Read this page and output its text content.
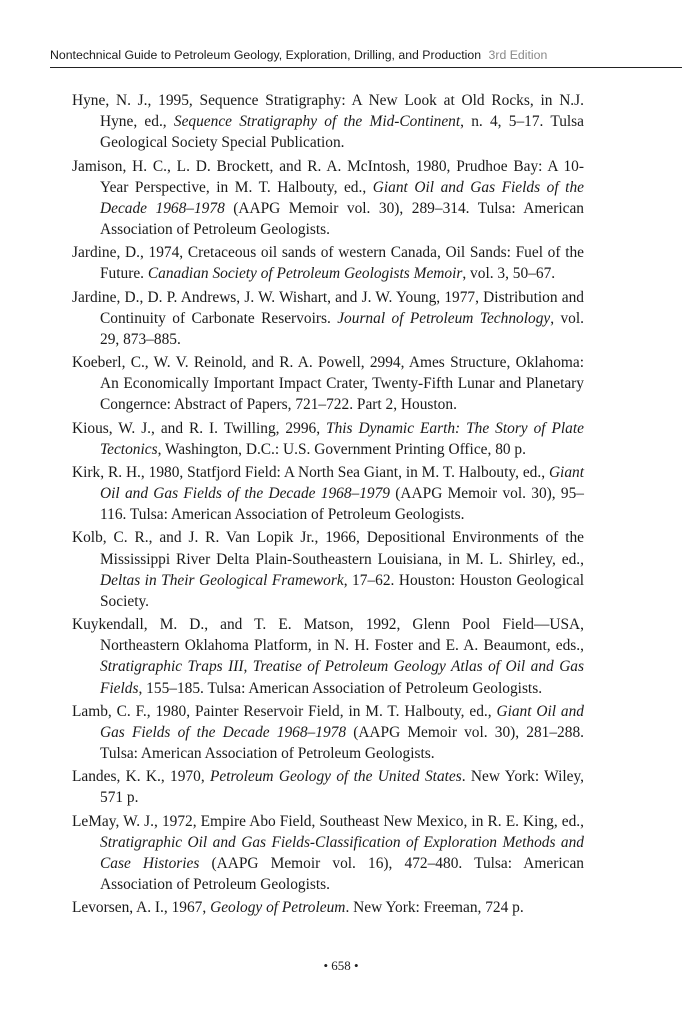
Nontechnical Guide to Petroleum Geology, Exploration, Drilling, and Production 3rd Edition
Hyne, N. J., 1995, Sequence Stratigraphy: A New Look at Old Rocks, in N.J. Hyne, ed., Sequence Stratigraphy of the Mid-Continent, n. 4, 5–17. Tulsa Geological Society Special Publication.
Jamison, H. C., L. D. Brockett, and R. A. McIntosh, 1980, Prudhoe Bay: A 10-Year Perspective, in M. T. Halbouty, ed., Giant Oil and Gas Fields of the Decade 1968–1978 (AAPG Memoir vol. 30), 289–314. Tulsa: American Association of Petroleum Geologists.
Jardine, D., 1974, Cretaceous oil sands of western Canada, Oil Sands: Fuel of the Future. Canadian Society of Petroleum Geologists Memoir, vol. 3, 50–67.
Jardine, D., D. P. Andrews, J. W. Wishart, and J. W. Young, 1977, Distribution and Continuity of Carbonate Reservoirs. Journal of Petroleum Technology, vol. 29, 873–885.
Koeberl, C., W. V. Reinold, and R. A. Powell, 2994, Ames Structure, Oklahoma: An Economically Important Impact Crater, Twenty-Fifth Lunar and Planetary Congernce: Abstract of Papers, 721–722. Part 2, Houston.
Kious, W. J., and R. I. Twilling, 2996, This Dynamic Earth: The Story of Plate Tectonics, Washington, D.C.: U.S. Government Printing Office, 80 p.
Kirk, R. H., 1980, Statfjord Field: A North Sea Giant, in M. T. Halbouty, ed., Giant Oil and Gas Fields of the Decade 1968–1979 (AAPG Memoir vol. 30), 95–116. Tulsa: American Association of Petroleum Geologists.
Kolb, C. R., and J. R. Van Lopik Jr., 1966, Depositional Environments of the Mississippi River Delta Plain-Southeastern Louisiana, in M. L. Shirley, ed., Deltas in Their Geological Framework, 17–62. Houston: Houston Geological Society.
Kuykendall, M. D., and T. E. Matson, 1992, Glenn Pool Field—USA, Northeastern Oklahoma Platform, in N. H. Foster and E. A. Beaumont, eds., Stratigraphic Traps III, Treatise of Petroleum Geology Atlas of Oil and Gas Fields, 155–185. Tulsa: American Association of Petroleum Geologists.
Lamb, C. F., 1980, Painter Reservoir Field, in M. T. Halbouty, ed., Giant Oil and Gas Fields of the Decade 1968–1978 (AAPG Memoir vol. 30), 281–288. Tulsa: American Association of Petroleum Geologists.
Landes, K. K., 1970, Petroleum Geology of the United States. New York: Wiley, 571 p.
LeMay, W. J., 1972, Empire Abo Field, Southeast New Mexico, in R. E. King, ed., Stratigraphic Oil and Gas Fields-Classification of Exploration Methods and Case Histories (AAPG Memoir vol. 16), 472–480. Tulsa: American Association of Petroleum Geologists.
Levorsen, A. I., 1967, Geology of Petroleum. New York: Freeman, 724 p.
• 658 •
